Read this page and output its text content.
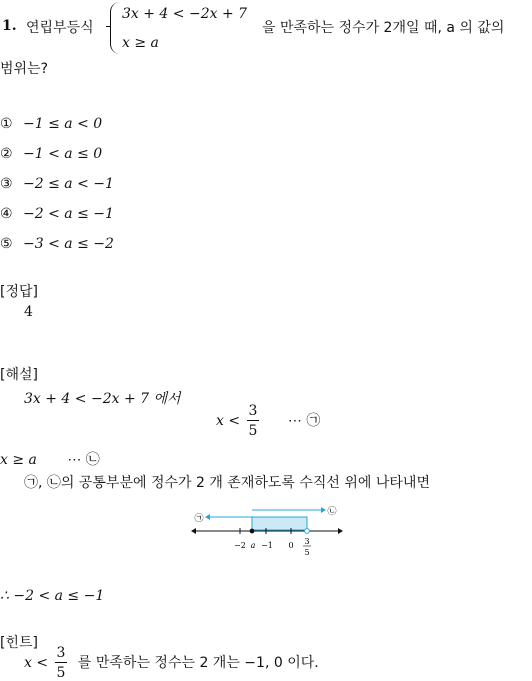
1. 연립부등식
3x + 4 < −2x + 7
x ≥ a
을 만족하는 정수가 2개일 때, a 의 값의
범위는?
① −1 ≤ a < 0
② −1 < a ≤ 0
③ −2 ≤ a < −1
④ −2 < a ≤ −1
⑤ −3 < a ≤ −2
[정답]
4
[해설]
3x + 4 < −2x + 7 에서
$x < \frac{3}{5}$ ⋯ ㉠
x ≥ a ⋯ ㉡
㉠, ㉡의 공통부분에 정수가 2 개 존재하도록 수직선 위에 나타내면
㉠
㉡
−2 a −1 0 3
5
∴ −2 < a ≤ −1
[힌트]
$x < \frac{3}{5}$ 를 만족하는 정수는 2 개는 −1, 0 이다.
